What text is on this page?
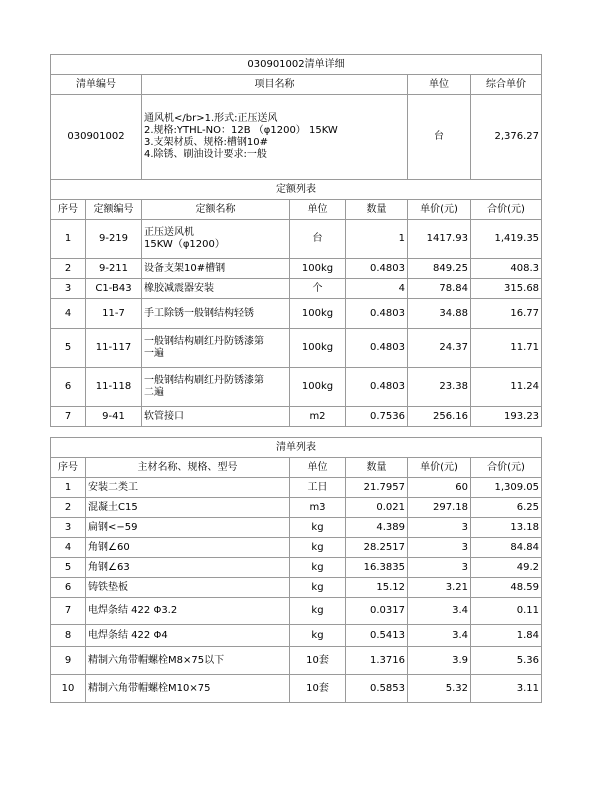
030901002清单详细			
清单编号	项目名称	单位	综合单价
030901002	通风机</br>1.形式:正压送风
2.规格:YTHL-NO：12B （φ1200） 15KW
3.支架材质、规格:槽钢10#
4.除锈、刷油设计要求:一般	台	2,376.27
定额列表						
序号	定额编号	定额名称	单位	数量	单价(元)	合价(元)
1	9-219	正压送风机
15KW（φ1200）	台	1	1417.93	1,419.35
2	9-211	设备支架10#槽钢	100kg	0.4803	849.25	408.3
3	C1-B43	橡胶减震器安装	个	4	78.84	315.68
4	11-7	手工除锈一般钢结构轻锈	100kg	0.4803	34.88	16.77
5	11-117	一般钢结构刷红丹防锈漆第
一遍	100kg	0.4803	24.37	11.71
6	11-118	一般钢结构刷红丹防锈漆第
二遍	100kg	0.4803	23.38	11.24
7	9-41	软管接口	m2	0.7536	256.16	193.23
清单列表					
序号	主材名称、规格、型号	单位	数量	单价(元)	合价(元)
1	安装二类工	工日	21.7957	60	1,309.05
2	混凝土C15	m3	0.021	297.18	6.25
3	扁钢<−59	kg	4.389	3	13.18
4	角钢∠60	kg	28.2517	3	84.84
5	角钢∠63	kg	16.3835	3	49.2
6	铸铁垫板	kg	15.12	3.21	48.59
7	电焊条结 422 Φ3.2	kg	0.0317	3.4	0.11
8	电焊条结 422 Φ4	kg	0.5413	3.4	1.84
9	精制六角带帽螺栓M8×75以下	10套	1.3716	3.9	5.36
10	精制六角带帽螺栓M10×75	10套	0.5853	5.32	3.11
